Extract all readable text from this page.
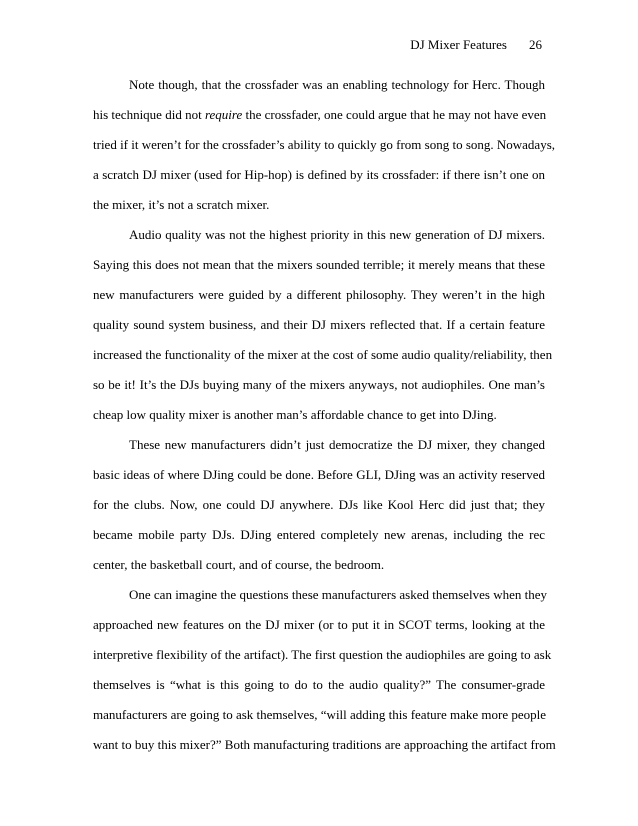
DJ Mixer Features 26
Note though, that the crossfader was an enabling technology for Herc. Though
his technique did not require the crossfader, one could argue that he may not have even
tried if it weren’t for the crossfader’s ability to quickly go from song to song. Nowadays,
a scratch DJ mixer (used for Hip-hop) is defined by its crossfader: if there isn’t one on
the mixer, it’s not a scratch mixer.
Audio quality was not the highest priority in this new generation of DJ mixers.
Saying this does not mean that the mixers sounded terrible; it merely means that these
new manufacturers were guided by a different philosophy. They weren’t in the high
quality sound system business, and their DJ mixers reflected that. If a certain feature
increased the functionality of the mixer at the cost of some audio quality/reliability, then
so be it! It’s the DJs buying many of the mixers anyways, not audiophiles. One man’s
cheap low quality mixer is another man’s affordable chance to get into DJing.
These new manufacturers didn’t just democratize the DJ mixer, they changed
basic ideas of where DJing could be done. Before GLI, DJing was an activity reserved
for the clubs. Now, one could DJ anywhere. DJs like Kool Herc did just that; they
became mobile party DJs. DJing entered completely new arenas, including the rec
center, the basketball court, and of course, the bedroom.
One can imagine the questions these manufacturers asked themselves when they
approached new features on the DJ mixer (or to put it in SCOT terms, looking at the
interpretive flexibility of the artifact). The first question the audiophiles are going to ask
themselves is “what is this going to do to the audio quality?” The consumer-grade
manufacturers are going to ask themselves, “will adding this feature make more people
want to buy this mixer?” Both manufacturing traditions are approaching the artifact from
